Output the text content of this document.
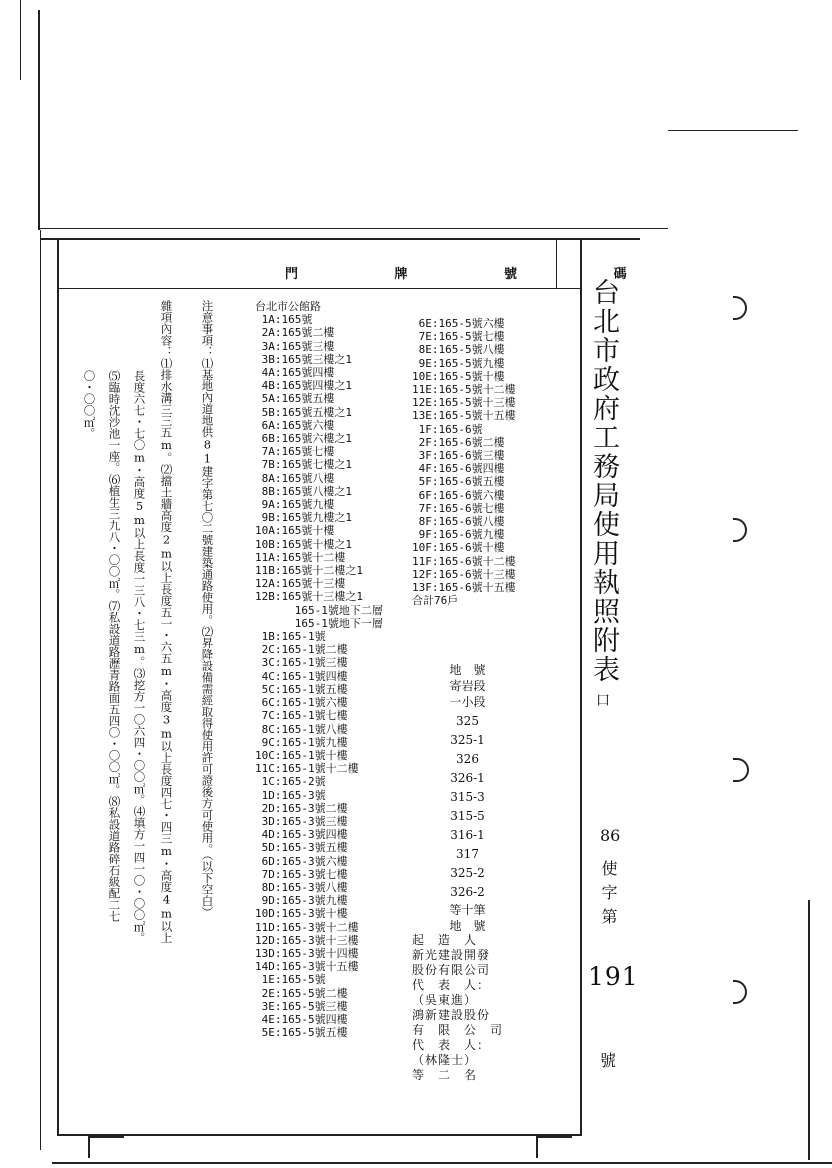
門 牌 號 碼
台北市政府工務局使用執照附表
口
86
使字第
191
號
注意事項：⑴基地內道地供81建字第七〇二號建築通路使用。⑵昇降設備需經取得使用許可證後方可使用。（以下空白）
雜項內容：⑴排水溝三三五m。⑵擋土牆高度2m以上長度五一・六五m・高度3m以上長度四七・四三m・高度4m以上
長度六七・七〇m・高度5m以上長度一三八・七三m。⑶挖方一〇六四・〇〇㎡。⑷填方一四一〇・〇〇㎡。
⑸臨時沈沙池一座。⑹植生三九八・〇〇㎡。⑺私設道路瀝青路面五四〇・〇〇㎡。⑻私設道路碎石級配二七
〇・〇〇㎡。
台北市公館路
1A:165號
2A:165號二樓
3A:165號三樓
3B:165號三樓之1
4A:165號四樓
4B:165號四樓之1
5A:165號五樓
5B:165號五樓之1
6A:165號六樓
6B:165號六樓之1
7A:165號七樓
7B:165號七樓之1
8A:165號八樓
8B:165號八樓之1
9A:165號九樓
9B:165號九樓之1
10A:165號十樓
10B:165號十樓之1
11A:165號十二樓
11B:165號十二樓之1
12A:165號十三樓
12B:165號十三樓之1
165-1號地下二層
165-1號地下一層
1B:165-1號
2C:165-1號二樓
3C:165-1號三樓
4C:165-1號四樓
5C:165-1號五樓
6C:165-1號六樓
7C:165-1號七樓
8C:165-1號八樓
9C:165-1號九樓
10C:165-1號十樓
11C:165-1號十二樓
1C:165-2號
1D:165-3號
2D:165-3號二樓
3D:165-3號三樓
4D:165-3號四樓
5D:165-3號五樓
6D:165-3號六樓
7D:165-3號七樓
8D:165-3號八樓
9D:165-3號九樓
10D:165-3號十樓
11D:165-3號十二樓
12D:165-3號十三樓
13D:165-3號十四樓
14D:165-3號十五樓
1E:165-5號
2E:165-5號二樓
3E:165-5號三樓
4E:165-5號四樓
5E:165-5號五樓
6E:165-5號六樓
7E:165-5號七樓
8E:165-5號八樓
9E:165-5號九樓
10E:165-5號十樓
11E:165-5號十二樓
12E:165-5號十三樓
13E:165-5號十五樓
1F:165-6號
2F:165-6號二樓
3F:165-6號三樓
4F:165-6號四樓
5F:165-6號五樓
6F:165-6號六樓
7F:165-6號七樓
8F:165-6號八樓
9F:165-6號九樓
10F:165-6號十樓
11F:165-6號十二樓
12F:165-6號十三樓
13F:165-6號十五樓
合計76戶
地　號
寄岩段
一小段
325
325-1
326
326-1
315-3
315-5
316-1
317
325-2
326-2
等十筆
地　號
起　造　人
新光建設開發
股份有限公司
代　表　人：
（吳東進）
鴻新建設股份
有　限　公　司
代　表　人：
（林隆士）
等　二　名
